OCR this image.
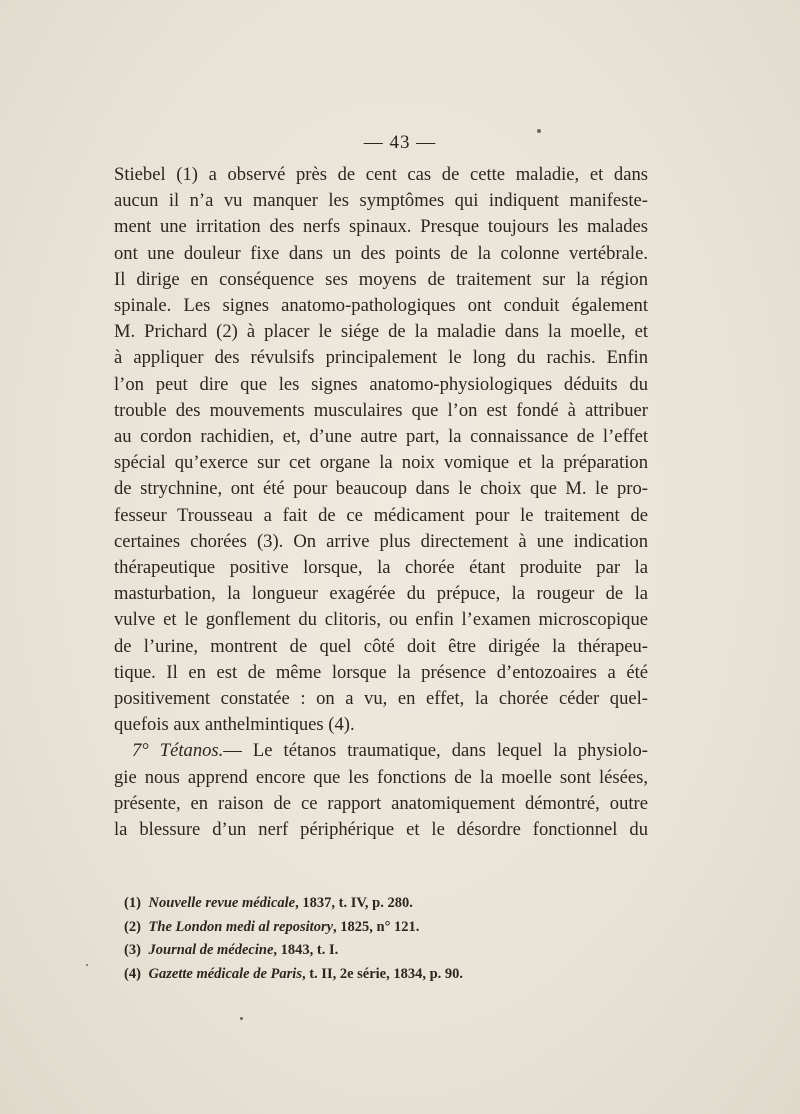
— 43 —
Stiebel (1) a observé près de cent cas de cette maladie, et dans
aucun il n’a vu manquer les symptômes qui indiquent manifeste-
ment une irritation des nerfs spinaux. Presque toujours les malades
ont une douleur fixe dans un des points de la colonne vertébrale.
Il dirige en conséquence ses moyens de traitement sur la région
spinale. Les signes anatomo-pathologiques ont conduit également
M. Prichard (2) à placer le siége de la maladie dans la moelle, et
à appliquer des révulsifs principalement le long du rachis. Enfin
l’on peut dire que les signes anatomo-physiologiques déduits du
trouble des mouvements musculaires que l’on est fondé à attribuer
au cordon rachidien, et, d’une autre part, la connaissance de l’effet
spécial qu’exerce sur cet organe la noix vomique et la préparation
de strychnine, ont été pour beaucoup dans le choix que M. le pro-
fesseur Trousseau a fait de ce médicament pour le traitement de
certaines chorées (3). On arrive plus directement à une indication
thérapeutique positive lorsque, la chorée étant produite par la
masturbation, la longueur exagérée du prépuce, la rougeur de la
vulve et le gonflement du clitoris, ou enfin l’examen microscopique
de l’urine, montrent de quel côté doit être dirigée la thérapeu-
tique. Il en est de même lorsque la présence d’entozoaires a été
positivement constatée : on a vu, en effet, la chorée céder quel-
quefois aux anthelmintiques (4).
7° Tétanos.— Le tétanos traumatique, dans lequel la physiolo-
gie nous apprend encore que les fonctions de la moelle sont lésées,
présente, en raison de ce rapport anatomiquement démontré, outre
la blessure d’un nerf périphérique et le désordre fonctionnel du
(1) Nouvelle revue médicale, 1837, t. IV, p. 280.
(2) The London medi al repository, 1825, n° 121.
(3) Journal de médecine, 1843, t. I.
(4) Gazette médicale de Paris, t. II, 2e série, 1834, p. 90.
